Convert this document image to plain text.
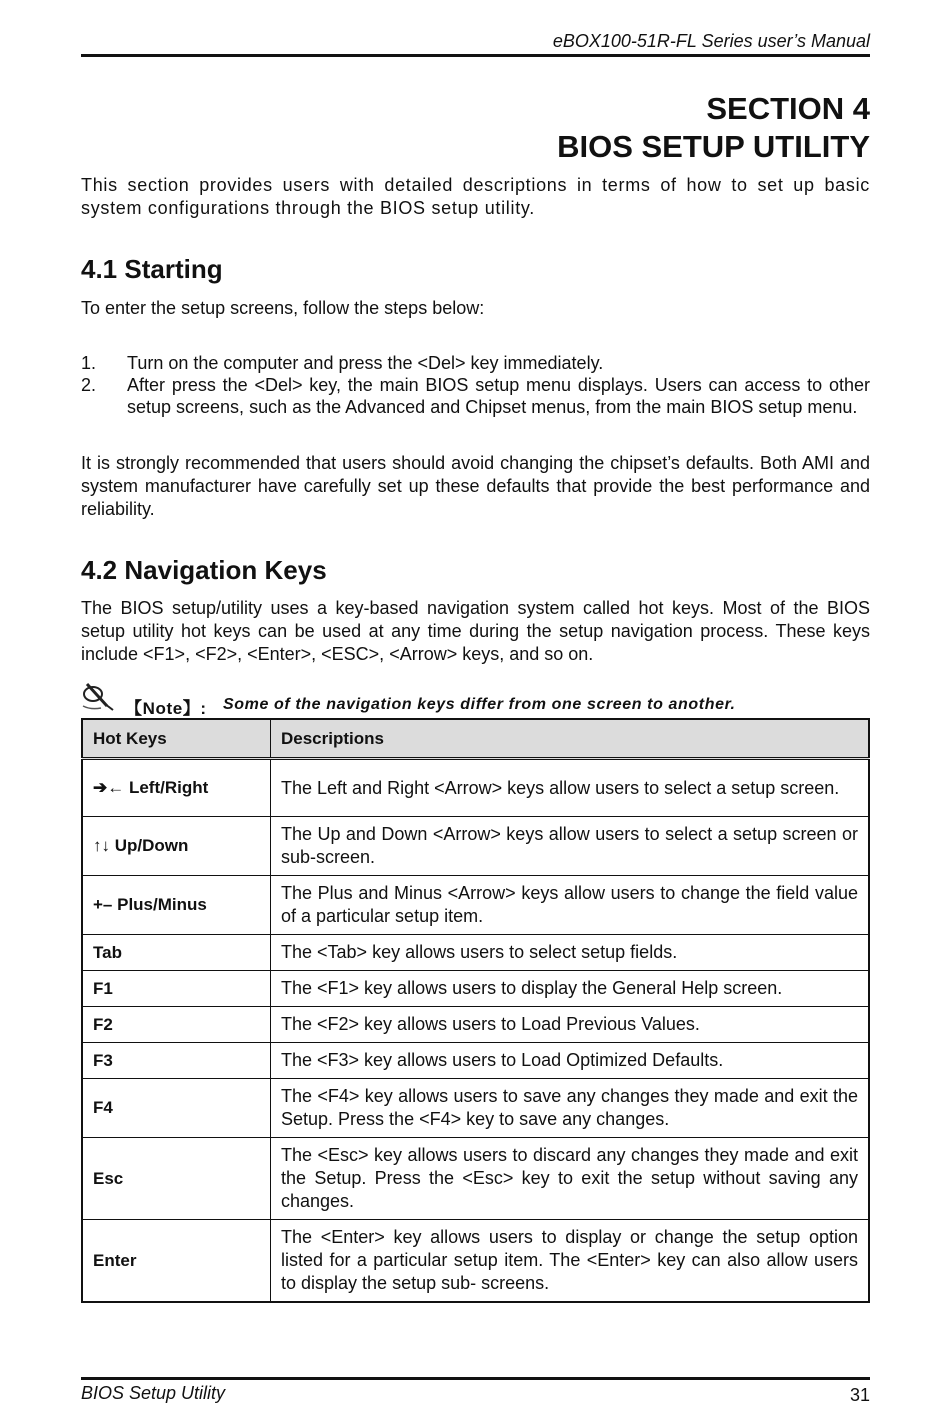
eBOX100-51R-FL Series user’s Manual
SECTION 4
BIOS SETUP UTILITY

This section provides users with detailed descriptions in terms of how to set up basic system configurations through the BIOS setup utility.

4.1 Starting

To enter the setup screens, follow the steps below:

1. Turn on the computer and press the <Del> key immediately.
2. After press the <Del> key, the main BIOS setup menu displays. Users can access to other setup screens, such as the Advanced and Chipset menus, from the main BIOS setup menu.

It is strongly recommended that users should avoid changing the chipset’s defaults. Both AMI and system manufacturer have carefully set up these defaults that provide the best performance and reliability.

4.2 Navigation Keys

The BIOS setup/utility uses a key-based navigation system called hot keys. Most of the BIOS setup utility hot keys can be used at any time during the setup navigation process. These keys include <F1>, <F2>, <Enter>, <ESC>, <Arrow> keys, and so on.

【Note】: Some of the navigation keys differ from one screen to another.
Hot Keys	Descriptions
➔← Left/Right	The Left and Right <Arrow> keys allow users to select a setup screen.
↑↓ Up/Down	The Up and Down <Arrow> keys allow users to select a setup screen or sub-screen.
+– Plus/Minus	The Plus and Minus <Arrow> keys allow users to change the field value of a particular setup item.
Tab	The <Tab> key allows users to select setup fields.
F1	The <F1> key allows users to display the General Help screen.
F2	The <F2> key allows users to Load Previous Values.
F3	The <F3> key allows users to Load Optimized Defaults.
F4	The <F4> key allows users to save any changes they made and exit the Setup. Press the <F4> key to save any changes.
Esc	The <Esc> key allows users to discard any changes they made and exit the Setup. Press the <Esc> key to exit the setup without saving any changes.
Enter	The <Enter> key allows users to display or change the setup option listed for a particular setup item. The <Enter> key can also allow users to display the setup sub- screens.
BIOS Setup Utility	31
